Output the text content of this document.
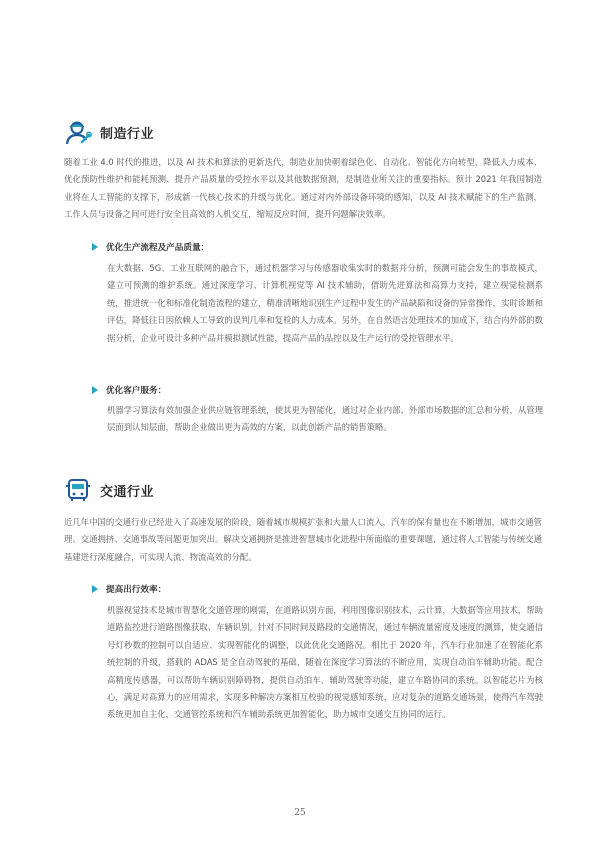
制造行业

随着工业 4.0 时代的推进，以及 AI 技术和算法的更新迭代，制造业加快朝着绿色化、自动化、智能化方向转型，降低人力成本、优化预防性维护和能耗预测、提升产品质量的受控水平以及其他数据预测，是制造业所关注的重要指标。预计 2021 年我国制造业将在人工智能的支撑下，形成新一代核心技术的升级与优化。通过对内外部设备环境的感知，以及 AI 技术赋能下的生产监测，工作人员与设备之间可进行安全且高效的人机交互，缩短反应时间，提升问题解决效率。

优化生产流程及产品质量：

在大数据、5G、工业互联网的融合下，通过机器学习与传感器收集实时的数据并分析，预测可能会发生的事故模式，建立可预测的维护系统。通过深度学习、计算机视觉等 AI 技术辅助，借助先进算法和高算力支持，建立视觉检测系统，推进统一化和标准化制造流程的建立，精准清晰地识别生产过程中发生的产品缺陷和设备的异常操作，实时诊断和评估，降低往日因依赖人工导致的误判几率和复检的人力成本。另外，在自然语言处理技术的加成下，结合内外部的数据分析，企业可设计多种产品并模拟测试性能，提高产品的品控以及生产运行的受控管理水平。

优化客户服务：

机器学习算法有效加强企业供应链管理系统，使其更为智能化，通过对企业内部、外部市场数据的汇总和分析，从管理层面到认知层面，帮助企业做出更为高效的方案，以此创新产品的销售策略。

交通行业

近几年中国的交通行业已经进入了高速发展的阶段，随着城市规模扩张和大量人口流入，汽车的保有量也在不断增加，城市交通管理、交通拥挤、交通事故等问题更加突出。解决交通拥挤是推进智慧城市化进程中所面临的重要课题，通过将人工智能与传统交通基建进行深度融合，可实现人流、物流高效的分配。

提高出行效率：

机器视觉技术是城市智慧化交通管理的刚需，在道路识别方面，利用图像识别技术，云计算，大数据等应用技术，帮助道路监控进行道路图像获取、车辆识别，针对不同时间及路段的交通情况，通过车辆流量密度及速度的测算，使交通信号灯秒数的控制可以自适应、实现智能化的调整，以此优化交通路况。相比于 2020 年，汽车行业加速了在智能化系统控制的升级，搭载的 ADAS 是全自动驾驶的基础，随着在深度学习算法的不断应用，实现自动泊车辅助功能。配合高精度传感器，可以帮助车辆识别障碍物，提供自动泊车、辅助驾驶等功能，建立车路协同的系统。以智能芯片为核心，满足对高算力的应用需求，实现多种解决方案相互校验的视觉感知系统，应对复杂的道路交通场景，使得汽车驾驶系统更加自主化，交通管控系统和汽车辅助系统更加智能化，助力城市交通交互协同的运行。

25
